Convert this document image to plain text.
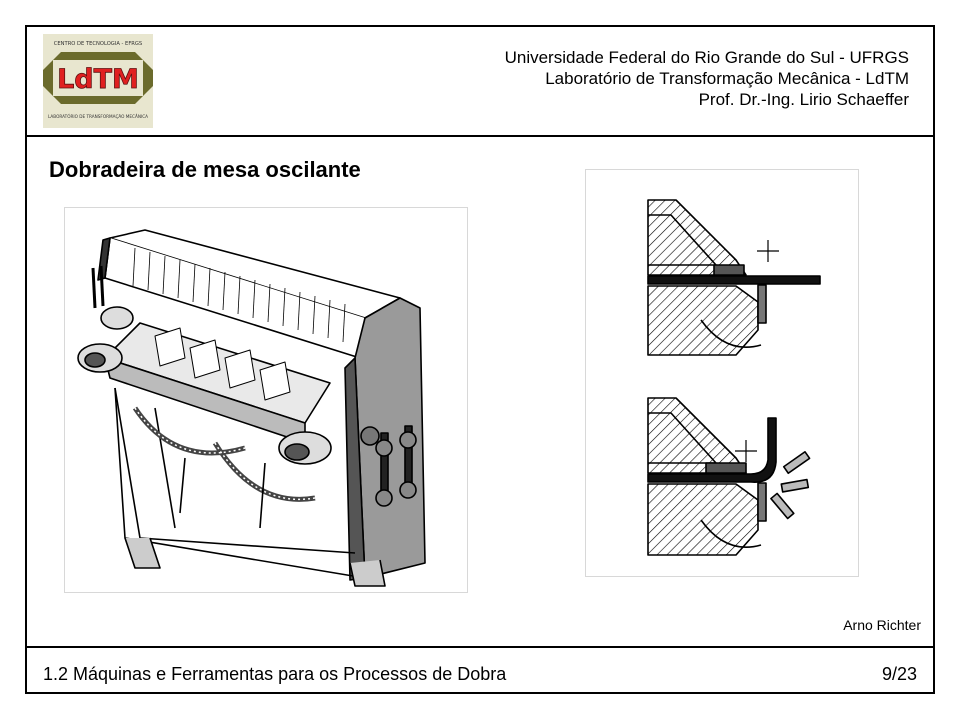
LdTM
CENTRO DE TECNOLOGIA - EFRGS
LABORATÓRIO DE TRANSFORMAÇÃO MECÂNICA
Universidade Federal do Rio Grande do Sul - UFRGS
Laboratório de Transformação Mecânica - LdTM
Prof. Dr.-Ing. Lirio Schaeffer
Dobradeira de mesa oscilante
Arno Richter
1.2 Máquinas e Ferramentas para os Processos de Dobra	9/23
